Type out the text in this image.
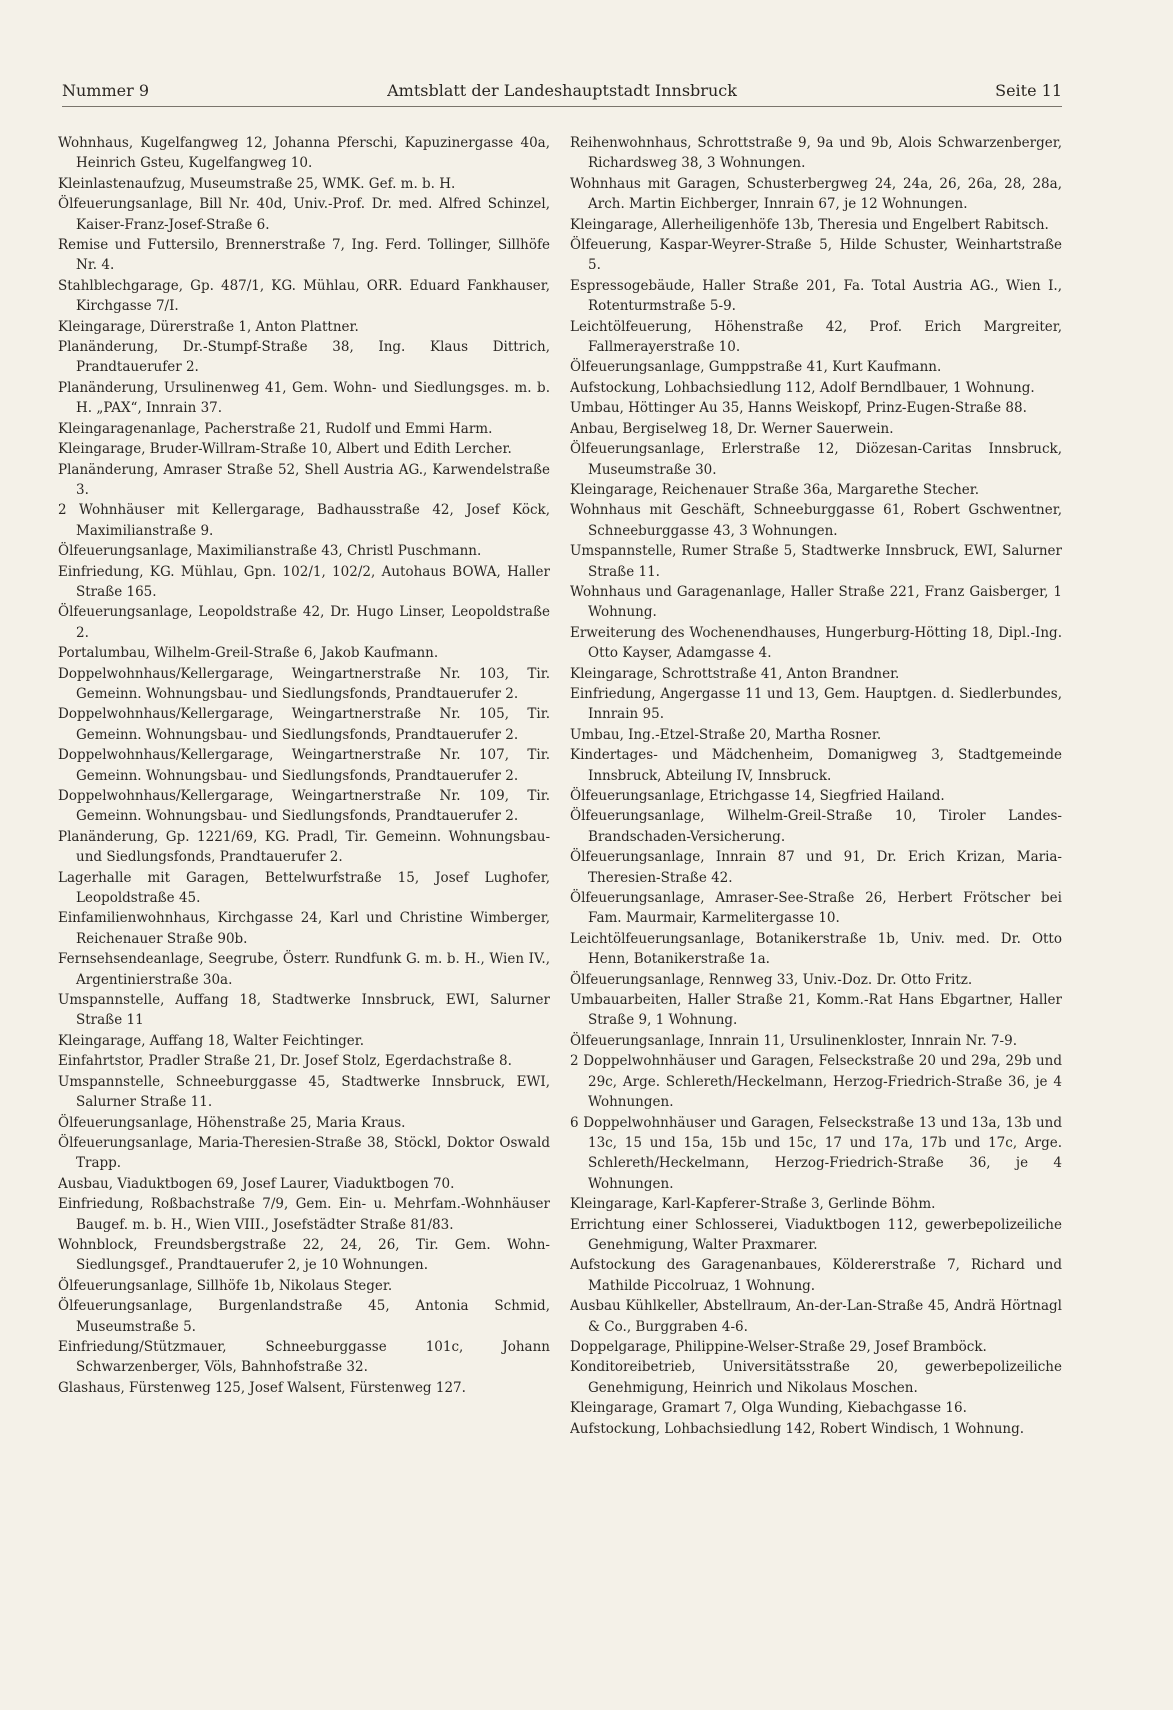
Nummer 9	Amtsblatt der Landeshauptstadt Innsbruck	Seite 11
Wohnhaus, Kugelfangweg 12, Johanna Pferschi, Kapuzinergasse 40a, Heinrich Gsteu, Kugelfangweg 10.
Kleinlastenaufzug, Museumstraße 25, WMK. Gef. m. b. H.
Ölfeuerungsanlage, Bill Nr. 40d, Univ.-Prof. Dr. med. Alfred Schinzel, Kaiser-Franz-Josef-Straße 6.
Remise und Futtersilo, Brennerstraße 7, Ing. Ferd. Tollinger, Sillhöfe Nr. 4.
Stahlblechgarage, Gp. 487/1, KG. Mühlau, ORR. Eduard Fankhauser, Kirchgasse 7/I.
Kleingarage, Dürerstraße 1, Anton Plattner.
Planänderung, Dr.-Stumpf-Straße 38, Ing. Klaus Dittrich, Prandtauerufer 2.
Planänderung, Ursulinenweg 41, Gem. Wohn- und Siedlungsges. m. b. H. „PAX“, Innrain 37.
Kleingaragenanlage, Pacherstraße 21, Rudolf und Emmi Harm.
Kleingarage, Bruder-Willram-Straße 10, Albert und Edith Lercher.
Planänderung, Amraser Straße 52, Shell Austria AG., Karwendelstraße 3.
2 Wohnhäuser mit Kellergarage, Badhausstraße 42, Josef Köck, Maximilianstraße 9.
Ölfeuerungsanlage, Maximilianstraße 43, Christl Puschmann.
Einfriedung, KG. Mühlau, Gpn. 102/1, 102/2, Autohaus BOWA, Haller Straße 165.
Ölfeuerungsanlage, Leopoldstraße 42, Dr. Hugo Linser, Leopoldstraße 2.
Portalumbau, Wilhelm-Greil-Straße 6, Jakob Kaufmann.
Doppelwohnhaus/Kellergarage, Weingartnerstraße Nr. 103, Tir. Gemeinn. Wohnungsbau- und Siedlungsfonds, Prandtauerufer 2.
Doppelwohnhaus/Kellergarage, Weingartnerstraße Nr. 105, Tir. Gemeinn. Wohnungsbau- und Siedlungsfonds, Prandtauerufer 2.
Doppelwohnhaus/Kellergarage, Weingartnerstraße Nr. 107, Tir. Gemeinn. Wohnungsbau- und Siedlungsfonds, Prandtauerufer 2.
Doppelwohnhaus/Kellergarage, Weingartnerstraße Nr. 109, Tir. Gemeinn. Wohnungsbau- und Siedlungsfonds, Prandtauerufer 2.
Planänderung, Gp. 1221/69, KG. Pradl, Tir. Gemeinn. Wohnungsbau- und Siedlungsfonds, Prandtauerufer 2.
Lagerhalle mit Garagen, Bettelwurfstraße 15, Josef Lughofer, Leopoldstraße 45.
Einfamilienwohnhaus, Kirchgasse 24, Karl und Christine Wimberger, Reichenauer Straße 90b.
Fernsehsendeanlage, Seegrube, Österr. Rundfunk G. m. b. H., Wien IV., Argentinierstraße 30a.
Umspannstelle, Auffang 18, Stadtwerke Innsbruck, EWI, Salurner Straße 11
Kleingarage, Auffang 18, Walter Feichtinger.
Einfahrtstor, Pradler Straße 21, Dr. Josef Stolz, Egerdachstraße 8.
Umspannstelle, Schneeburggasse 45, Stadtwerke Innsbruck, EWI, Salurner Straße 11.
Ölfeuerungsanlage, Höhenstraße 25, Maria Kraus.
Ölfeuerungsanlage, Maria-Theresien-Straße 38, Stöckl, Doktor Oswald Trapp.
Ausbau, Viaduktbogen 69, Josef Laurer, Viaduktbogen 70.
Einfriedung, Roßbachstraße 7/9, Gem. Ein- u. Mehrfam.-Wohnhäuser Baugef. m. b. H., Wien VIII., Josefstädter Straße 81/83.
Wohnblock, Freundsbergstraße 22, 24, 26, Tir. Gem. Wohn- Siedlungsgef., Prandtauerufer 2, je 10 Wohnungen.
Ölfeuerungsanlage, Sillhöfe 1b, Nikolaus Steger.
Ölfeuerungsanlage, Burgenlandstraße 45, Antonia Schmid, Museumstraße 5.
Einfriedung/Stützmauer, Schneeburggasse 101c, Johann Schwarzenberger, Völs, Bahnhofstraße 32.
Glashaus, Fürstenweg 125, Josef Walsent, Fürstenweg 127.
Reihenwohnhaus, Schrottstraße 9, 9a und 9b, Alois Schwarzenberger, Richardsweg 38, 3 Wohnungen.
Wohnhaus mit Garagen, Schusterbergweg 24, 24a, 26, 26a, 28, 28a, Arch. Martin Eichberger, Innrain 67, je 12 Wohnungen.
Kleingarage, Allerheiligenhöfe 13b, Theresia und Engelbert Rabitsch.
Ölfeuerung, Kaspar-Weyrer-Straße 5, Hilde Schuster, Weinhartstraße 5.
Espressogebäude, Haller Straße 201, Fa. Total Austria AG., Wien I., Rotenturmstraße 5-9.
Leichtölfeuerung, Höhenstraße 42, Prof. Erich Margreiter, Fallmerayerstraße 10.
Ölfeuerungsanlage, Gumppstraße 41, Kurt Kaufmann.
Aufstockung, Lohbachsiedlung 112, Adolf Berndlbauer, 1 Wohnung.
Umbau, Höttinger Au 35, Hanns Weiskopf, Prinz-Eugen-Straße 88.
Anbau, Bergiselweg 18, Dr. Werner Sauerwein.
Ölfeuerungsanlage, Erlerstraße 12, Diözesan-Caritas Innsbruck, Museumstraße 30.
Kleingarage, Reichenauer Straße 36a, Margarethe Stecher.
Wohnhaus mit Geschäft, Schneeburggasse 61, Robert Gschwentner, Schneeburggasse 43, 3 Wohnungen.
Umspannstelle, Rumer Straße 5, Stadtwerke Innsbruck, EWI, Salurner Straße 11.
Wohnhaus und Garagenanlage, Haller Straße 221, Franz Gaisberger, 1 Wohnung.
Erweiterung des Wochenendhauses, Hungerburg-Hötting 18, Dipl.-Ing. Otto Kayser, Adamgasse 4.
Kleingarage, Schrottstraße 41, Anton Brandner.
Einfriedung, Angergasse 11 und 13, Gem. Hauptgen. d. Siedlerbundes, Innrain 95.
Umbau, Ing.-Etzel-Straße 20, Martha Rosner.
Kindertages- und Mädchenheim, Domanigweg 3, Stadtgemeinde Innsbruck, Abteilung IV, Innsbruck.
Ölfeuerungsanlage, Etrichgasse 14, Siegfried Hailand.
Ölfeuerungsanlage, Wilhelm-Greil-Straße 10, Tiroler Landes-Brandschaden-Versicherung.
Ölfeuerungsanlage, Innrain 87 und 91, Dr. Erich Krizan, Maria-Theresien-Straße 42.
Ölfeuerungsanlage, Amraser-See-Straße 26, Herbert Frötscher bei Fam. Maurmair, Karmelitergasse 10.
Leichtölfeuerungsanlage, Botanikerstraße 1b, Univ. med. Dr. Otto Henn, Botanikerstraße 1a.
Ölfeuerungsanlage, Rennweg 33, Univ.-Doz. Dr. Otto Fritz.
Umbauarbeiten, Haller Straße 21, Komm.-Rat Hans Ebgartner, Haller Straße 9, 1 Wohnung.
Ölfeuerungsanlage, Innrain 11, Ursulinenkloster, Innrain Nr. 7-9.
2 Doppelwohnhäuser und Garagen, Felseckstraße 20 und 29a, 29b und 29c, Arge. Schlereth/Heckelmann, Herzog-Friedrich-Straße 36, je 4 Wohnungen.
6 Doppelwohnhäuser und Garagen, Felseckstraße 13 und 13a, 13b und 13c, 15 und 15a, 15b und 15c, 17 und 17a, 17b und 17c, Arge. Schlereth/Heckelmann, Herzog-Friedrich-Straße 36, je 4 Wohnungen.
Kleingarage, Karl-Kapferer-Straße 3, Gerlinde Böhm.
Errichtung einer Schlosserei, Viaduktbogen 112, gewerbepolizeiliche Genehmigung, Walter Praxmarer.
Aufstockung des Garagenanbaues, Köldererstraße 7, Richard und Mathilde Piccolruaz, 1 Wohnung.
Ausbau Kühlkeller, Abstellraum, An-der-Lan-Straße 45, Andrä Hörtnagl & Co., Burggraben 4-6.
Doppelgarage, Philippine-Welser-Straße 29, Josef Bramböck.
Konditoreibetrieb, Universitätsstraße 20, gewerbepolizeiliche Genehmigung, Heinrich und Nikolaus Moschen.
Kleingarage, Gramart 7, Olga Wunding, Kiebachgasse 16.
Aufstockung, Lohbachsiedlung 142, Robert Windisch, 1 Wohnung.
